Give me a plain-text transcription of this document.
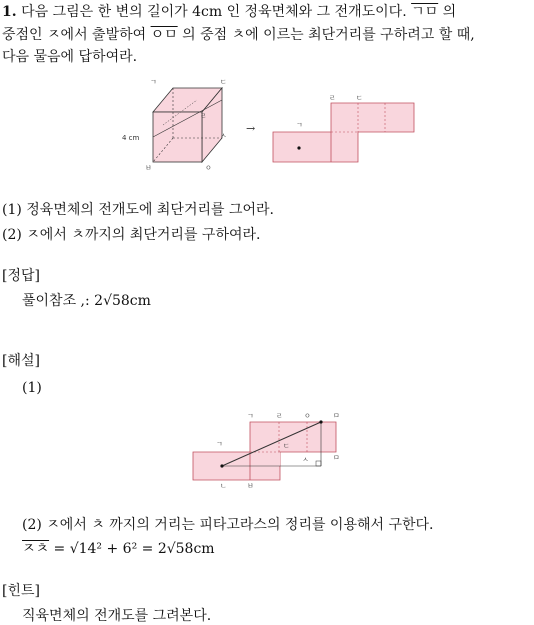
1. 다음 그림은 한 변의 길이가 4cm 인 정육면체와 그 전개도이다. ㄱㅁ 의
중점인 ㅈ에서 출발하여 ㅇㅁ 의 중점 ㅊ에 이르는 최단거리를 구하려고 할 때,
다음 물음에 답하여라.
4 cm
ㄱ	ㄷ
ㄹ
ㅂ
ㅅ
ㅇ
→	ㄱ
ㄹ	ㄷ
(1) 정육면체의 전개도에 최단거리를 그어라.
(2) ㅈ에서 ㅊ까지의 최단거리를 구하여라.
[정답]
풀이참조 ,: 2√58cm
[해설]
(1)
ㄱ	ㄹ	ㅇ	ㅁ
ㄱ	ㄷ
ㅅ
ㄴ	ㅂ
ㅁ
(2) ㅈ에서 ㅊ 까지의 거리는 피타고라스의 정리를 이용해서 구한다.
ㅈㅊ = √14² + 6² = 2√58cm
[힌트]
직육면체의 전개도를 그려본다.
